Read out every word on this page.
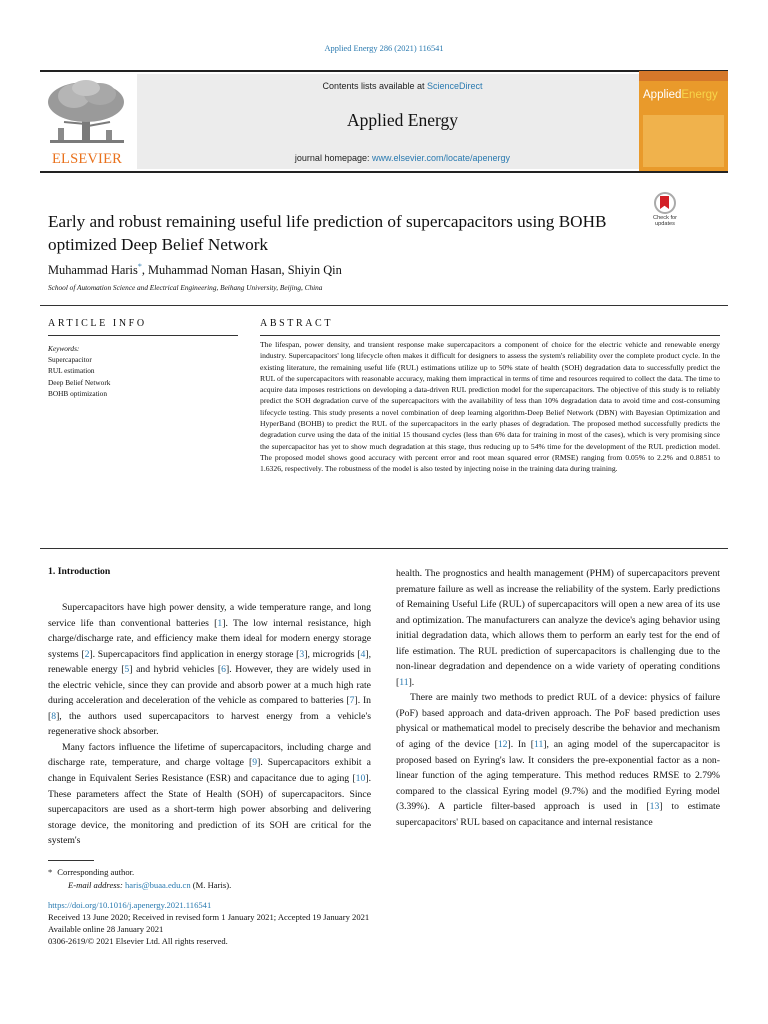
Applied Energy 286 (2021) 116541
ELSEVIER
Contents lists available at ScienceDirect
Applied Energy
journal homepage: www.elsevier.com/locate/apenergy
AppliedEnergy
Check for
updates
Early and robust remaining useful life prediction of supercapacitors using BOHB optimized Deep Belief Network
Muhammad Haris*, Muhammad Noman Hasan, Shiyin Qin
School of Automation Science and Electrical Engineering, Beihang University, Beijing, China
ARTICLE INFO
Keywords:
Supercapacitor
RUL estimation
Deep Belief Network
BOHB optimization
ABSTRACT
The lifespan, power density, and transient response make supercapacitors a component of choice for the electric vehicle and renewable energy industry. Supercapacitors' long lifecycle often makes it difficult for designers to assess the system's reliability over the complete product cycle. In the existing literature, the remaining useful life (RUL) estimations utilize up to 50% state of health (SOH) degradation data to successfully predict the RUL of the supercapacitors with reasonable accuracy, making them impractical in terms of time and resources required to collect the data. The time to acquire data imposes restrictions on developing a data-driven RUL prediction model for the supercapacitors. The objective of this study is to reliably predict the SOH degradation curve of the supercapacitors with the availability of less than 10% degradation data to avoid time and cost-consuming lifecycle testing. This study presents a novel combination of deep learning algorithm-Deep Belief Network (DBN) with Bayesian Optimization and HyperBand (BOHB) to predict the RUL of the supercapacitors in the early phases of degradation. The proposed method successfully predicts the degradation curve using the data of the initial 15 thousand cycles (less than 6% data for training in most of the cases), which is very promising since the supercapacitor has yet to show much degradation at this stage, thus reducing up to 54% time for the development of the RUL prediction model. The proposed model shows good accuracy with percent error and root mean squared error (RMSE) ranging from 0.05% to 2.2% and 0.8851 to 1.6326, respectively. The robustness of the model is also tested by injecting noise in the training data during training.
1. Introduction

Supercapacitors have high power density, a wide temperature range, and long service life than conventional batteries [1]. The low internal resistance, high charge/discharge rate, and efficiency make them ideal for modern energy storage systems [2]. Supercapacitors find application in energy storage [3], microgrids [4], renewable energy [5] and hybrid vehicles [6]. However, they are widely used in the electric vehicle, since they can provide and absorb power at a much high rate during acceleration and deceleration of the vehicle as compared to batteries [7]. In [8], the authors used supercapacitors to harvest energy from a vehicle's regenerative shock absorber.

Many factors influence the lifetime of supercapacitors, including charge and discharge rate, temperature, and charge voltage [9]. Supercapacitors exhibit a change in Equivalent Series Resistance (ESR) and capacitance due to aging [10]. These parameters affect the State of Health (SOH) of supercapacitors. Since supercapacitors are used as a short-term high power absorbing and delivering storage device, the monitoring and prediction of its SOH are critical for the system's

health. The prognostics and health management (PHM) of supercapacitors prevent premature failure as well as increase the reliability of the system. Early predictions of Remaining Useful Life (RUL) of supercapacitors will open a new area of its use and optimization. The manufacturers can analyze the device's aging behavior using initial degradation data, which allows them to perform an early test for the end of life estimation. The RUL prediction of supercapacitors is challenging due to the non-linear degradation and dependence on a wide variety of operating conditions [11].

There are mainly two methods to predict RUL of a device: physics of failure (PoF) based approach and data-driven approach. The PoF based prediction uses physical or mathematical model to precisely describe the behavior and mechanism of aging of the device [12]. In [11], an aging model of the supercapacitor is proposed based on Eyring's law. It considers the pre-exponential factor as a non-linear function of the aging temperature. This method reduces RMSE to 2.79% compared to the classical Eyring model (9.7%) and the modified Eyring model (3.39%). A particle filter-based approach is used in [13] to estimate supercapacitors' RUL based on capacitance and internal resistance

* Corresponding author.
E-mail address: haris@buaa.edu.cn (M. Haris).
https://doi.org/10.1016/j.apenergy.2021.116541
Received 13 June 2020; Received in revised form 1 January 2021; Accepted 19 January 2021
Available online 28 January 2021
0306-2619/© 2021 Elsevier Ltd. All rights reserved.
